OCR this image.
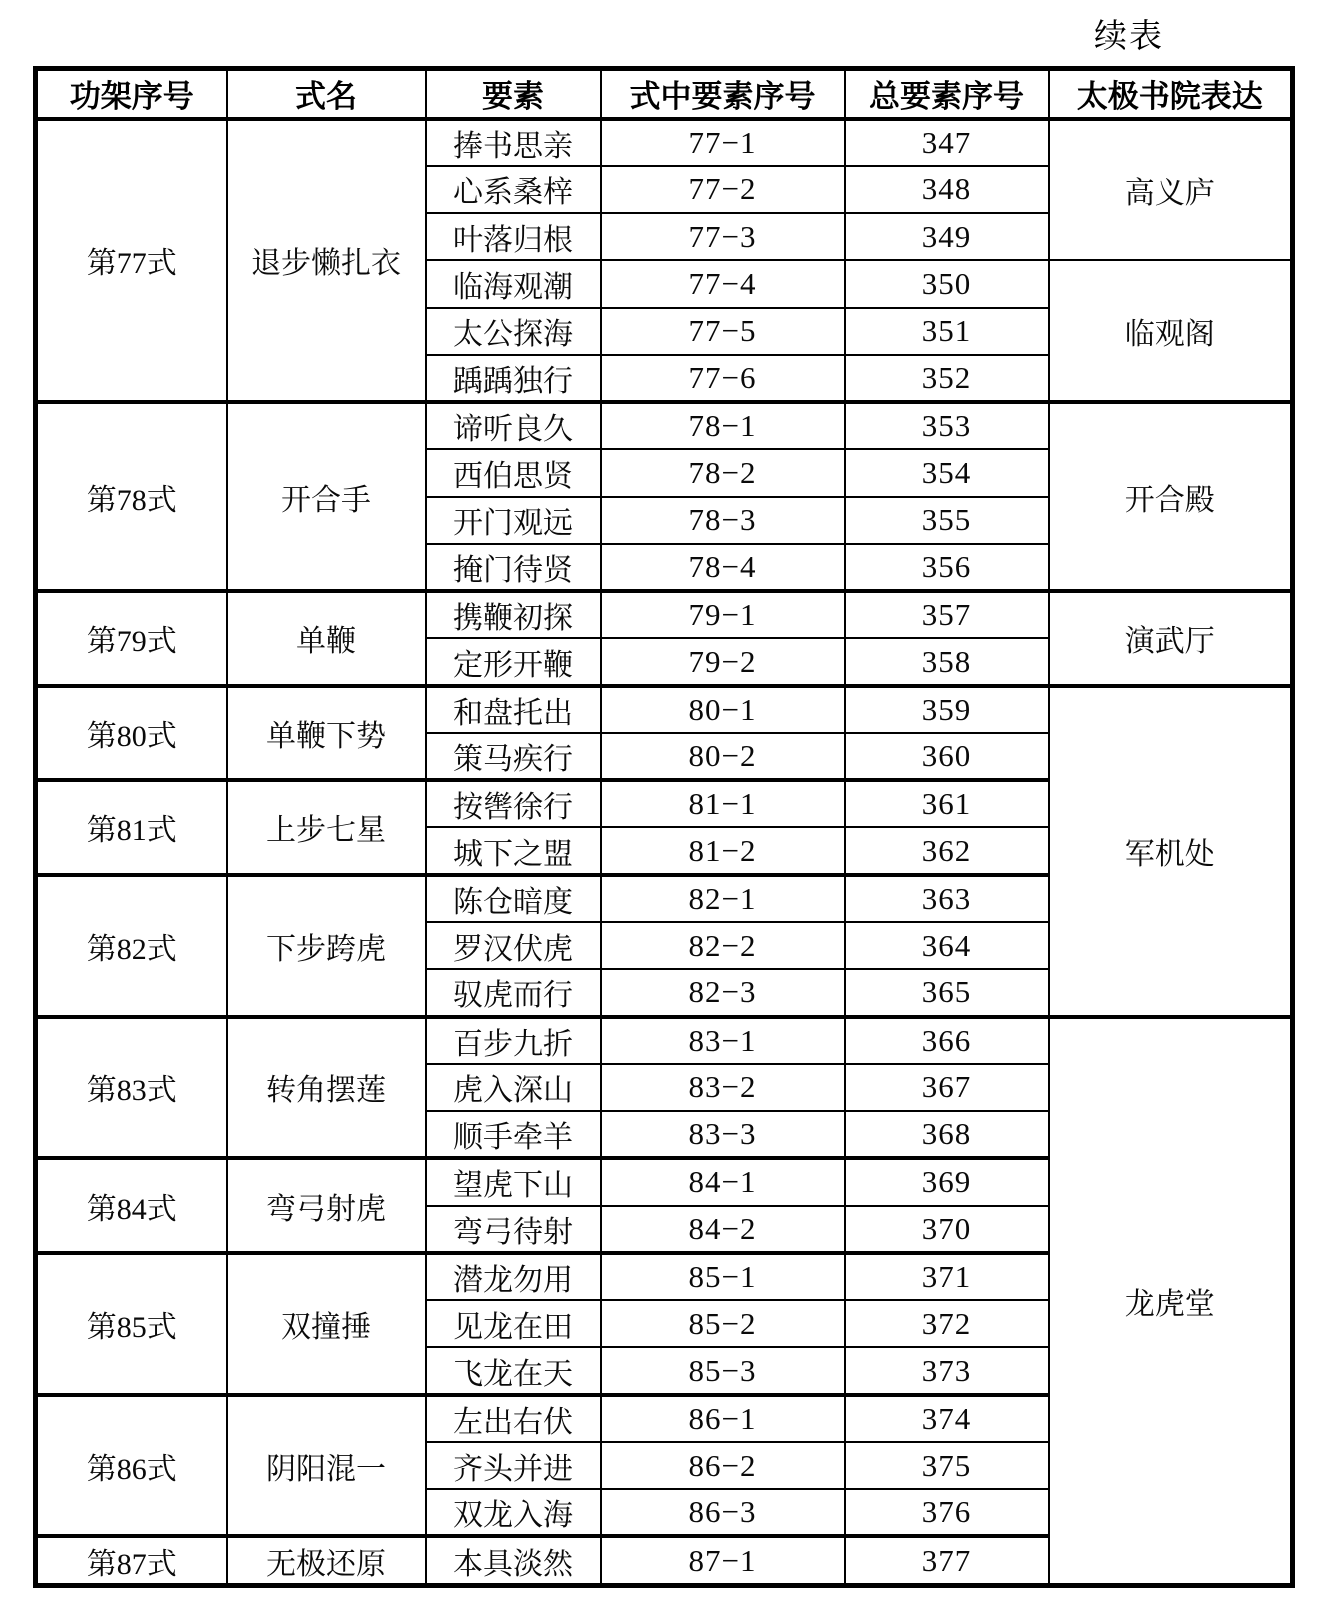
续表
功架序号	式名	要素	式中要素序号	总要素序号	太极书院表达
第77式	退步懒扎衣	捧书思亲	77−1	347	高义庐
		心系桑梓	77−2	348	
		叶落归根	77−3	349	
		临海观潮	77−4	350	临观阁
		太公探海	77−5	351	
		踽踽独行	77−6	352	
第78式	开合手	谛听良久	78−1	353	开合殿
		西伯思贤	78−2	354	
		开门观远	78−3	355	
		掩门待贤	78−4	356	
第79式	单鞭	携鞭初探	79−1	357	演武厅
		定形开鞭	79−2	358	
第80式	单鞭下势	和盘托出	80−1	359	军机处
		策马疾行	80−2	360	
第81式	上步七星	按辔徐行	81−1	361	
		城下之盟	81−2	362	
第82式	下步跨虎	陈仓暗度	82−1	363	
		罗汉伏虎	82−2	364	
		驭虎而行	82−3	365	
第83式	转角摆莲	百步九折	83−1	366	龙虎堂
		虎入深山	83−2	367	
		顺手牵羊	83−3	368	
第84式	弯弓射虎	望虎下山	84−1	369	
		弯弓待射	84−2	370	
第85式	双撞捶	潜龙勿用	85−1	371	
		见龙在田	85−2	372	
		飞龙在天	85−3	373	
第86式	阴阳混一	左出右伏	86−1	374	
		齐头并进	86−2	375	
		双龙入海	86−3	376	
第87式	无极还原	本具淡然	87−1	377	
